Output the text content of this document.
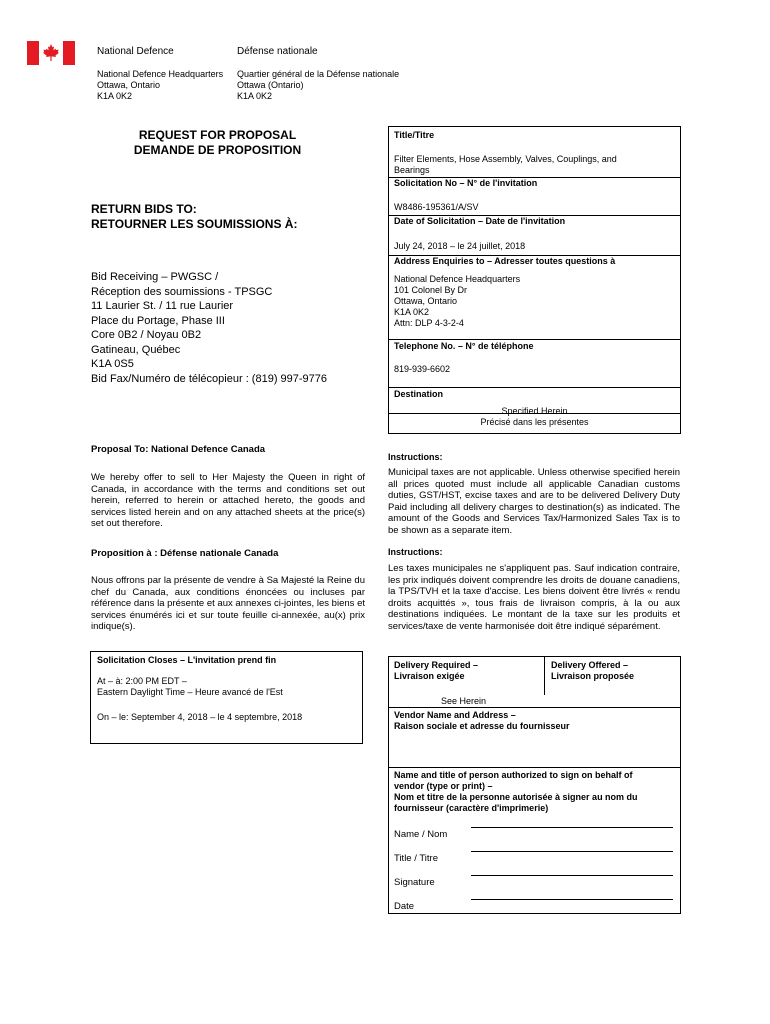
National Defence	Défense nationale
National Defence Headquarters
Ottawa, Ontario
K1A 0K2
Quartier général de la Défense nationale
Ottawa (Ontario)
K1A 0K2
REQUEST FOR PROPOSAL
DEMANDE DE PROPOSITION
RETURN BIDS TO:
RETOURNER LES SOUMISSIONS À:
Bid Receiving – PWGSC /
Réception des soumissions - TPSGC
11 Laurier St. / 11 rue Laurier
Place du Portage, Phase III
Core 0B2 / Noyau 0B2
Gatineau, Québec
K1A 0S5
Bid Fax/Numéro de télécopieur : (819) 997-9776
Title/Titre
Filter Elements, Hose Assembly, Valves, Couplings, and
Bearings
Solicitation No – N° de l'invitation
W8486-195361/A/SV
Date of Solicitation – Date de l'invitation
July 24, 2018 – le 24 juillet, 2018
Address Enquiries to – Adresser toutes questions à
National Defence Headquarters
101 Colonel By Dr
Ottawa, Ontario
K1A 0K2
Attn: DLP 4-3-2-4
Telephone No. – N° de téléphone
819-939-6602
Destination
Specified Herein
Précisé dans les présentes
Proposal To: National Defence Canada
We hereby offer to sell to Her Majesty the Queen in right of Canada, in accordance with the terms and conditions set out herein, referred to herein or attached hereto, the goods and services listed herein and on any attached sheets at the price(s) set out therefore.
Proposition à : Défense nationale Canada
Nous offrons par la présente de vendre à Sa Majesté la Reine du chef du Canada, aux conditions énoncées ou incluses par référence dans la présente et aux annexes ci-jointes, les biens et services énumérés ici et sur toute feuille ci-annexée, au(x) prix indique(s).
Instructions:
Municipal taxes are not applicable. Unless otherwise specified herein all prices quoted must include all applicable Canadian customs duties, GST/HST, excise taxes and are to be delivered Delivery Duty Paid including all delivery charges to destination(s) as indicated. The amount of the Goods and Services Tax/Harmonized Sales Tax is to be shown as a separate item.
Instructions:
Les taxes municipales ne s'appliquent pas. Sauf indication contraire, les prix indiqués doivent comprendre les droits de douane canadiens, la TPS/TVH et la taxe d'accise. Les biens doivent être livrés « rendu droits acquittés », tous frais de livraison compris, à la ou aux destinations indiquées. Le montant de la taxe sur les produits et services/taxe de vente harmonisée doit être indiqué séparément.
Solicitation Closes – L'invitation prend fin
At – à: 2:00 PM EDT –
Eastern Daylight Time – Heure avancé de l'Est
On – le: September 4, 2018 – le 4 septembre, 2018
Delivery Required –
Livraison exigée
Delivery Offered –
Livraison proposée
See Herein
Vendor Name and Address –
Raison sociale et adresse du fournisseur
Name and title of person authorized to sign on behalf of
vendor (type or print) –
Nom et titre de la personne autorisée à signer au nom du
fournisseur (caractère d'imprimerie)
Name / Nom
Title / Titre
Signature
Date
